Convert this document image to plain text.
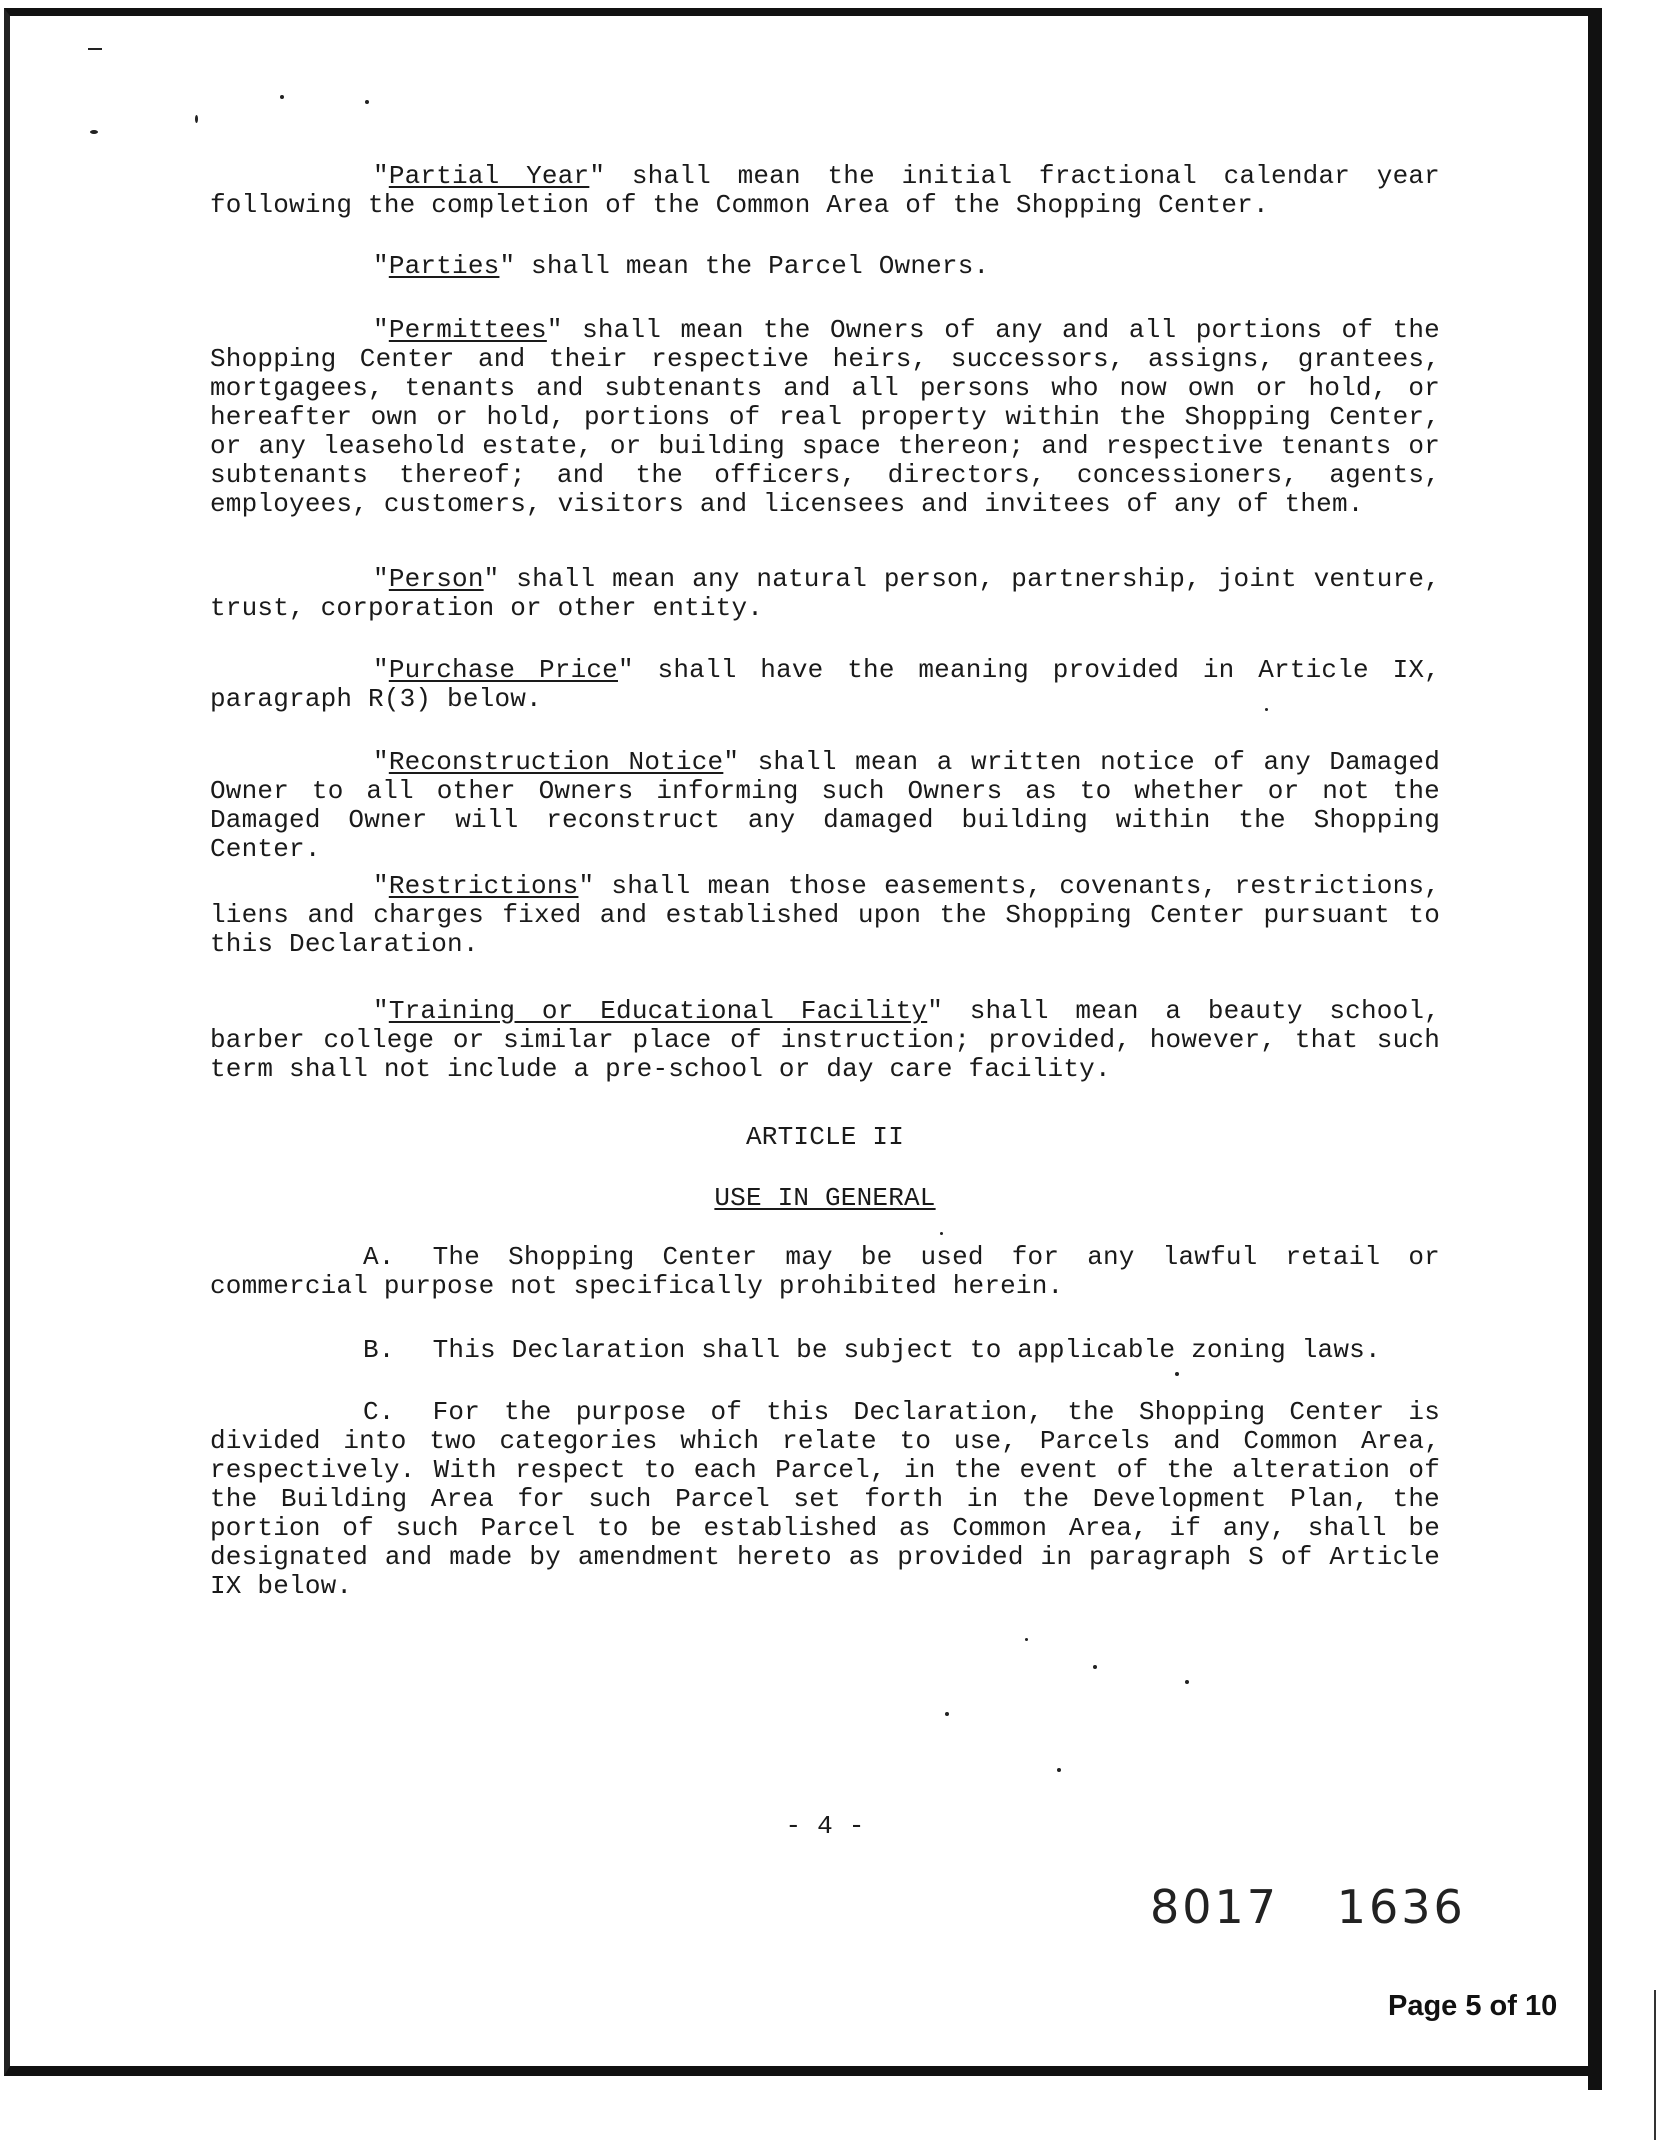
"Partial Year" shall mean the initial fractional calendar year following the completion of the Common Area of the Shopping Center.
"Parties" shall mean the Parcel Owners.
"Permittees" shall mean the Owners of any and all portions of the Shopping Center and their respective heirs, successors, assigns, grantees, mortgagees, tenants and subtenants and all persons who now own or hold, or hereafter own or hold, portions of real property within the Shopping Center, or any leasehold estate, or building space thereon; and respective tenants or subtenants thereof; and the officers, directors, concessioners, agents, employees, customers, visitors and licensees and invitees of any of them.
"Person" shall mean any natural person, partnership, joint venture, trust, corporation or other entity.
"Purchase Price" shall have the meaning provided in Article IX, paragraph R(3) below.
"Reconstruction Notice" shall mean a written notice of any Damaged Owner to all other Owners informing such Owners as to whether or not the Damaged Owner will reconstruct any damaged building within the Shopping Center.
"Restrictions" shall mean those easements, covenants, restrictions, liens and charges fixed and established upon the Shopping Center pursuant to this Declaration.
"Training or Educational Facility" shall mean a beauty school, barber college or similar place of instruction; provided, however, that such term shall not include a pre-school or day care facility.
ARTICLE II
USE IN GENERAL
A. The Shopping Center may be used for any lawful retail or commercial purpose not specifically prohibited herein.
B. This Declaration shall be subject to applicable zoning laws.
C. For the purpose of this Declaration, the Shopping Center is divided into two categories which relate to use, Parcels and Common Area, respectively. With respect to each Parcel, in the event of the alteration of the Building Area for such Parcel set forth in the Development Plan, the portion of such Parcel to be established as Common Area, if any, shall be designated and made by amendment hereto as provided in paragraph S of Article IX below.
- 4 -
8017 1636
Page 5 of 10
